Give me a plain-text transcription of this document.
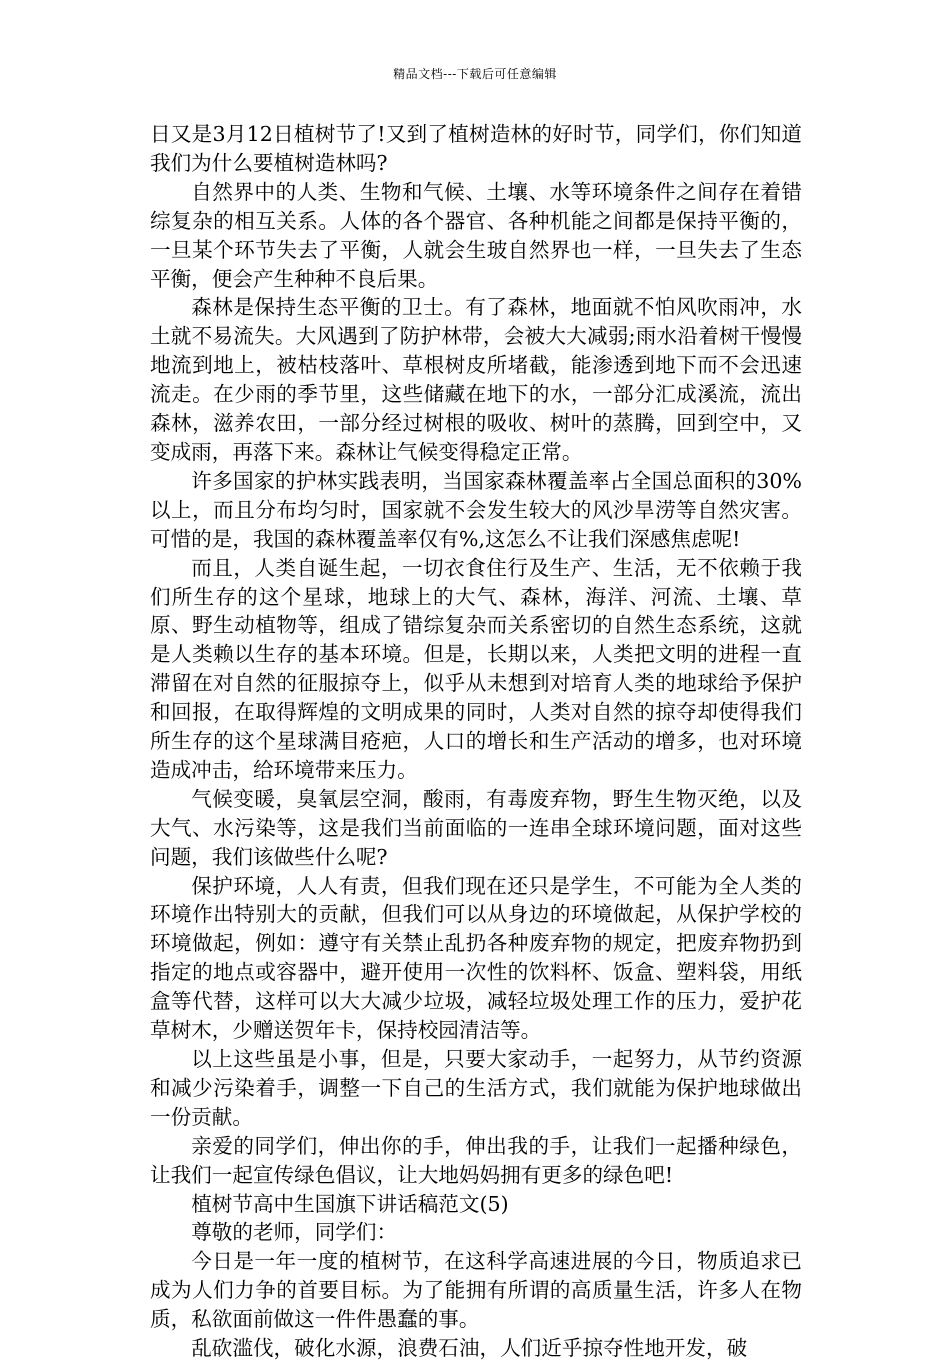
精品文档---下载后可任意编辑

日又是3月12日植树节了!又到了植树造林的好时节，同学们，你们知道我们为什么要植树造林吗?

自然界中的人类、生物和气候、土壤、水等环境条件之间存在着错综复杂的相互关系。人体的各个器官、各种机能之间都是保持平衡的，一旦某个环节失去了平衡，人就会生玻自然界也一样，一旦失去了生态平衡，便会产生种种不良后果。

森林是保持生态平衡的卫士。有了森林，地面就不怕风吹雨冲，水土就不易流失。大风遇到了防护林带，会被大大减弱;雨水沿着树干慢慢地流到地上，被枯枝落叶、草根树皮所堵截，能渗透到地下而不会迅速流走。在少雨的季节里，这些储藏在地下的水，一部分汇成溪流，流出森林，滋养农田，一部分经过树根的吸收、树叶的蒸腾，回到空中，又变成雨，再落下来。森林让气候变得稳定正常。

许多国家的护林实践表明，当国家森林覆盖率占全国总面积的30%以上，而且分布均匀时，国家就不会发生较大的风沙旱涝等自然灾害。可惜的是，我国的森林覆盖率仅有%,这怎么不让我们深感焦虑呢!

而且，人类自诞生起，一切衣食住行及生产、生活，无不依赖于我们所生存的这个星球，地球上的大气、森林，海洋、河流、土壤、草原、野生动植物等，组成了错综复杂而关系密切的自然生态系统，这就是人类赖以生存的基本环境。但是，长期以来，人类把文明的进程一直滞留在对自然的征服掠夺上，似乎从未想到对培育人类的地球给予保护和回报，在取得辉煌的文明成果的同时，人类对自然的掠夺却使得我们所生存的这个星球满目疮疤，人口的增长和生产活动的增多，也对环境造成冲击，给环境带来压力。

气候变暖，臭氧层空洞，酸雨，有毒废弃物，野生生物灭绝，以及大气、水污染等，这是我们当前面临的一连串全球环境问题，面对这些问题，我们该做些什么呢?

保护环境，人人有责，但我们现在还只是学生，不可能为全人类的环境作出特别大的贡献，但我们可以从身边的环境做起，从保护学校的环境做起，例如：遵守有关禁止乱扔各种废弃物的规定，把废弃物扔到指定的地点或容器中，避开使用一次性的饮料杯、饭盒、塑料袋，用纸盒等代替，这样可以大大减少垃圾，减轻垃圾处理工作的压力，爱护花草树木，少赠送贺年卡，保持校园清洁等。

以上这些虽是小事，但是，只要大家动手，一起努力，从节约资源和减少污染着手，调整一下自己的生活方式，我们就能为保护地球做出一份贡献。

亲爱的同学们，伸出你的手，伸出我的手，让我们一起播种绿色，让我们一起宣传绿色倡议，让大地妈妈拥有更多的绿色吧!

植树节高中生国旗下讲话稿范文(5)

尊敬的老师，同学们：

今日是一年一度的植树节，在这科学高速进展的今日，物质追求已成为人们力争的首要目标。为了能拥有所谓的高质量生活，许多人在物质，私欲面前做这一件件愚蠢的事。

乱砍滥伐，破化水源，浪费石油，人们近乎掠夺性地开发，破
